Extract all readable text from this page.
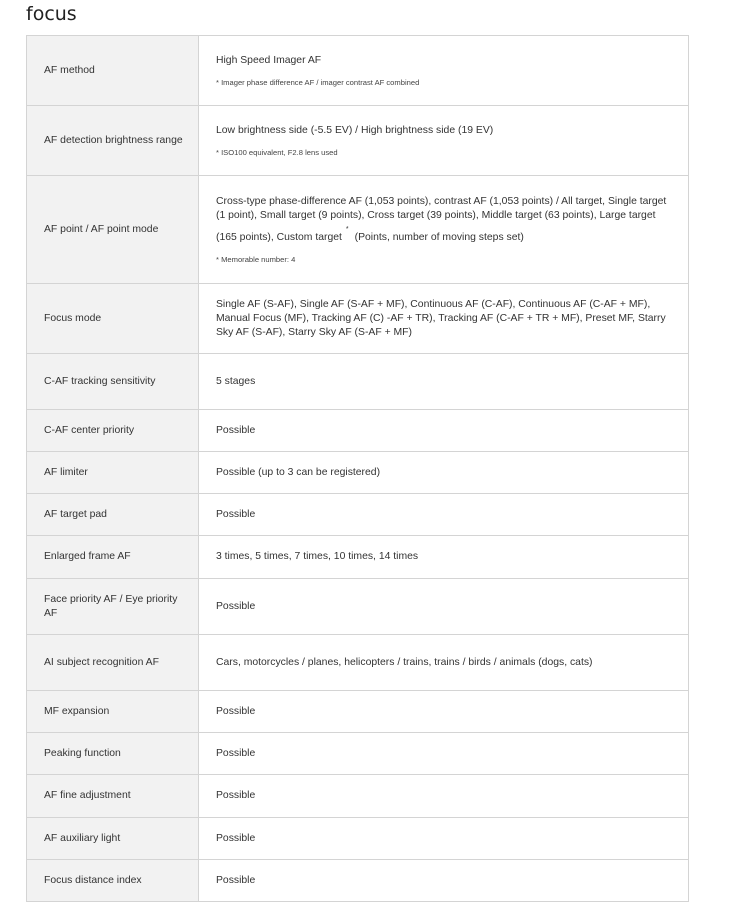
focus
AF method	High Speed Imager AF
* Imager phase difference AF / imager contrast AF combined

AF detection brightness range	Low brightness side (-5.5 EV) / High brightness side (19 EV)
* ISO100 equivalent, F2.8 lens used

AF point / AF point mode	Cross-type phase-difference AF (1,053 points), contrast AF (1,053 points) / All target, Single target (1 point), Small target (9 points), Cross target (39 points), Middle target (63 points), Large target
(165 points), Custom target*(Points, number of moving steps set)
* Memorable number: 4

Focus mode	Single AF (S-AF), Single AF (S-AF + MF), Continuous AF (C-AF), Continuous AF (C-AF + MF), Manual Focus (MF), Tracking AF (C) -AF + TR), Tracking AF (C-AF + TR + MF), Preset MF, Starry Sky AF (S-AF), Starry Sky AF (S-AF + MF)
C-AF tracking sensitivity	5 stages
C-AF center priority	Possible
AF limiter	Possible (up to 3 can be registered)
AF target pad	Possible
Enlarged frame AF	3 times, 5 times, 7 times, 10 times, 14 times
Face priority AF / Eye priority AF	Possible
AI subject recognition AF	Cars, motorcycles / planes, helicopters / trains, trains / birds / animals (dogs, cats)
MF expansion	Possible
Peaking function	Possible
AF fine adjustment	Possible
AF auxiliary light	Possible
Focus distance index	Possible
